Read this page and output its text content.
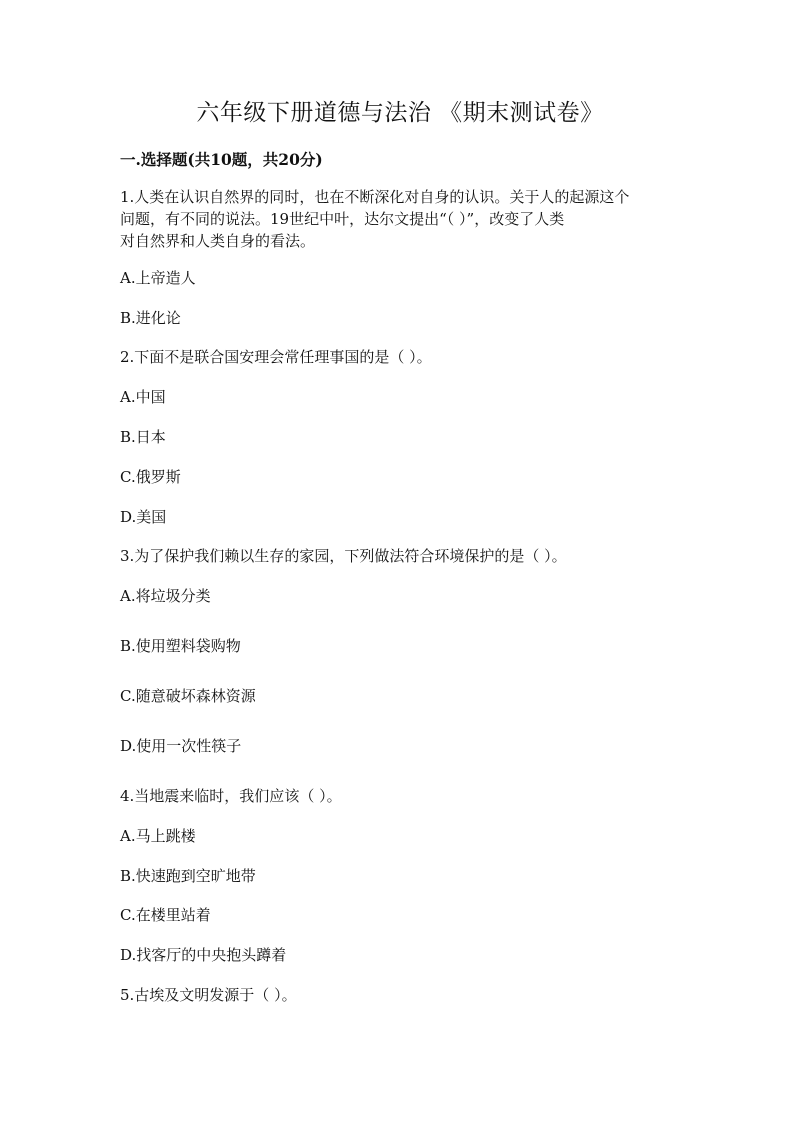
六年级下册道德与法治 《期末测试卷》
一.选择题(共10题，共20分)
1.人类在认识自然界的同时，也在不断深化对自身的认识。关于人的起源这个
问题，有不同的说法。19世纪中叶，达尔文提出“（ ）”，改变了人类
对自然界和人类自身的看法。
A.上帝造人
B.进化论
2.下面不是联合国安理会常任理事国的是（ ）。
A.中国
B.日本
C.俄罗斯
D.美国
3.为了保护我们赖以生存的家园，下列做法符合环境保护的是（ ）。
A.将垃圾分类
B.使用塑料袋购物
C.随意破坏森林资源
D.使用一次性筷子
4.当地震来临时，我们应该（ ）。
A.马上跳楼
B.快速跑到空旷地带
C.在楼里站着
D.找客厅的中央抱头蹲着
5.古埃及文明发源于（ ）。
